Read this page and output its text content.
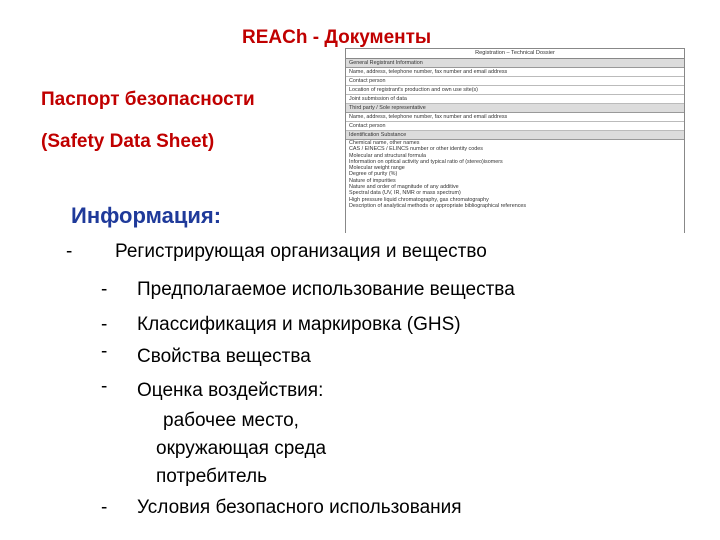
REACh - Документы
Паспорт безопасности
(Safety Data Sheet)
Registration – Technical Dossier
General Registrant Information
Name, address, telephone number, fax number and email address
Contact person
Location of registrant's production and own use site(s)
Joint submission of data
Third party / Sole representative
Name, address, telephone number, fax number and email address
Contact person
Identification Substance
Chemical name, other names
CAS / EINECS / ELINCS number or other identity codes
Molecular and structural formula
Information on optical activity and typical ratio of (stereo)isomers
Molecular weight range
Degree of purity (%)
Nature of impurities
Nature and order of magnitude of any additive
Spectral data (UV, IR, NMR or mass spectrum)
High pressure liquid chromatography, gas chromatography
Description of analytical methods or appropriate bibliographical references
Информация:
- Регистрирующая организация и вещество
- Предполагаемое использование вещества
- Классификация и маркировка (GHS)
- Свойства вещества
- Оценка воздействия:
рабочее место,
окружающая среда
потребитель
- Условия безопасного использования
